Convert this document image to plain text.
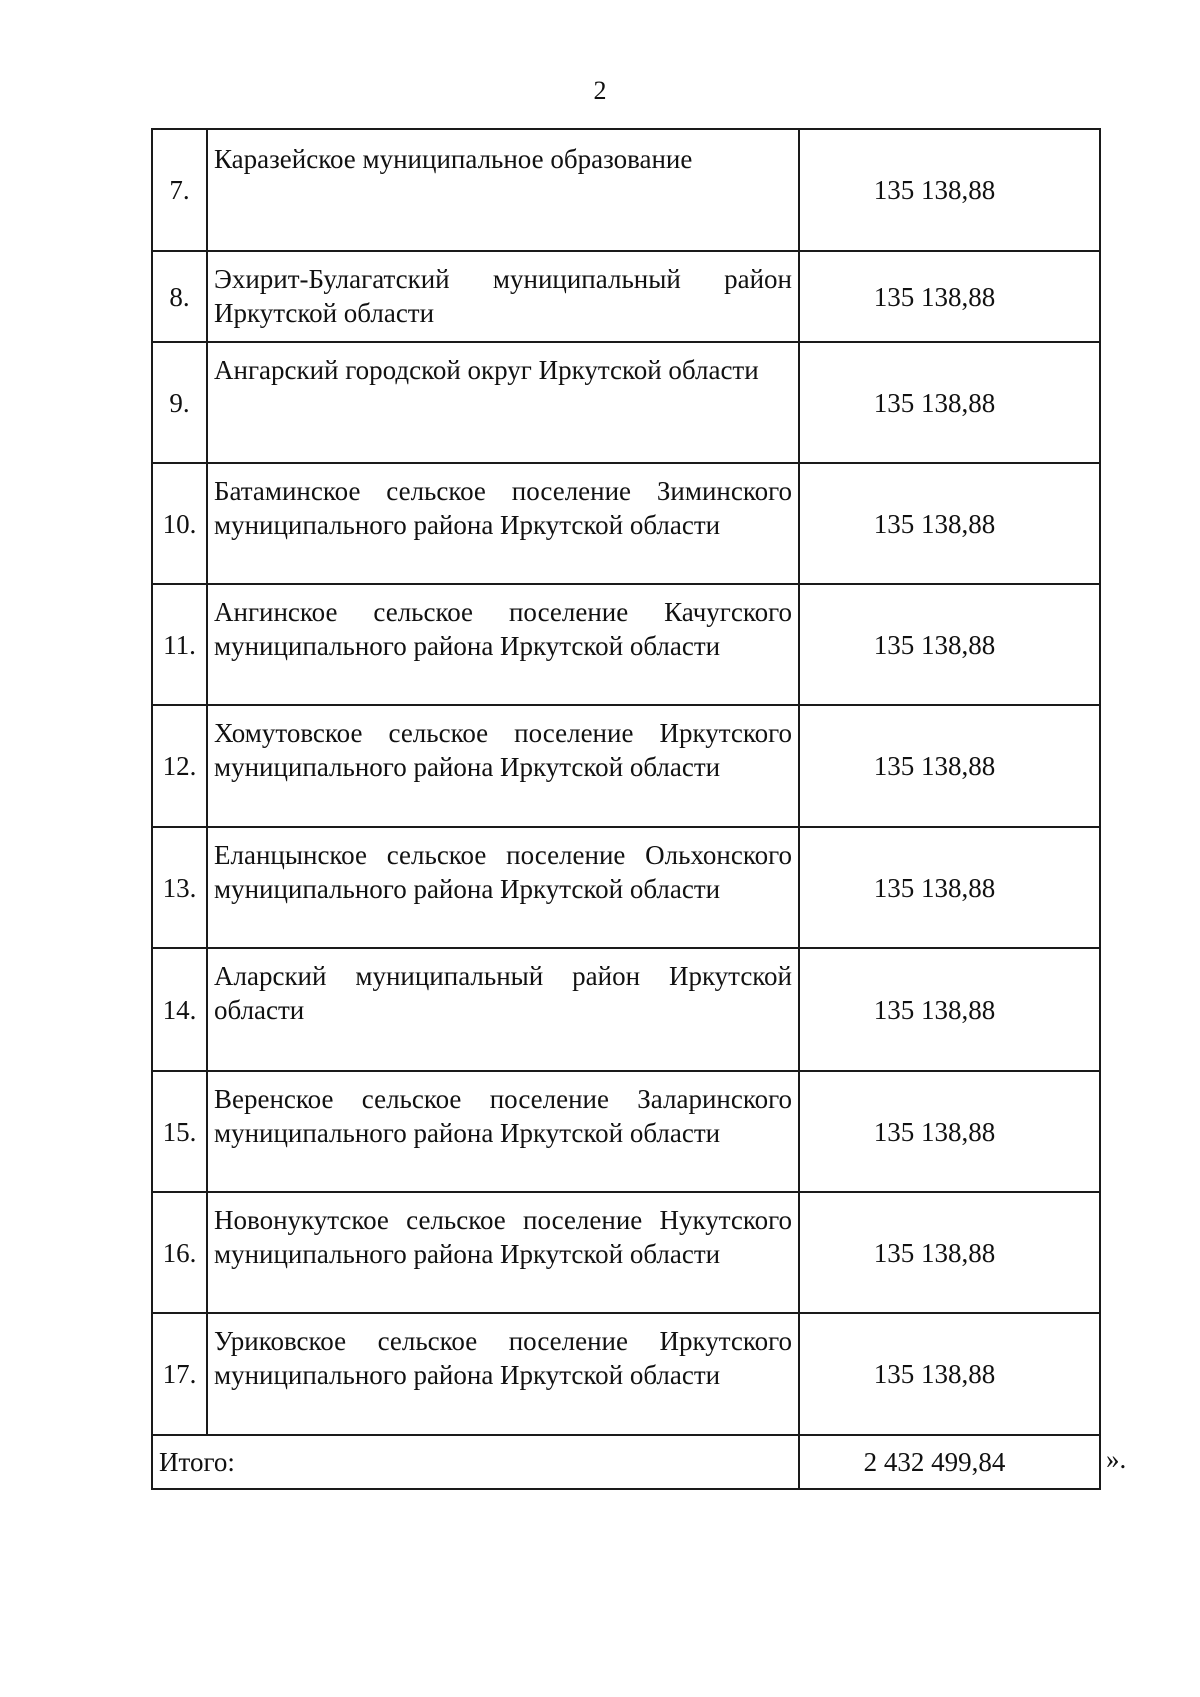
2
7.	Каразейское муниципальное образование	135 138,88
8.	Эхирит-Булагатский муниципальный район Иркутской области	135 138,88
9.	Ангарский городской округ Иркутской области	135 138,88
10.	Батаминское сельское поселение Зиминского муниципального района Иркутской области	135 138,88
11.	Ангинское сельское поселение Качугского муниципального района Иркутской области	135 138,88
12.	Хомутовское сельское поселение Иркутского муниципального района Иркутской области	135 138,88
13.	Еланцынское сельское поселение Ольхонского муниципального района Иркутской области	135 138,88
14.	Аларский муниципальный район Иркутской области	135 138,88
15.	Веренское сельское поселение Заларинского муниципального района Иркутской области	135 138,88
16.	Новонукутское сельское поселение Нукутского муниципального района Иркутской области	135 138,88
17.	Уриковское сельское поселение Иркутского муниципального района Иркутской области	135 138,88
Итого:		2 432 499,84	».
